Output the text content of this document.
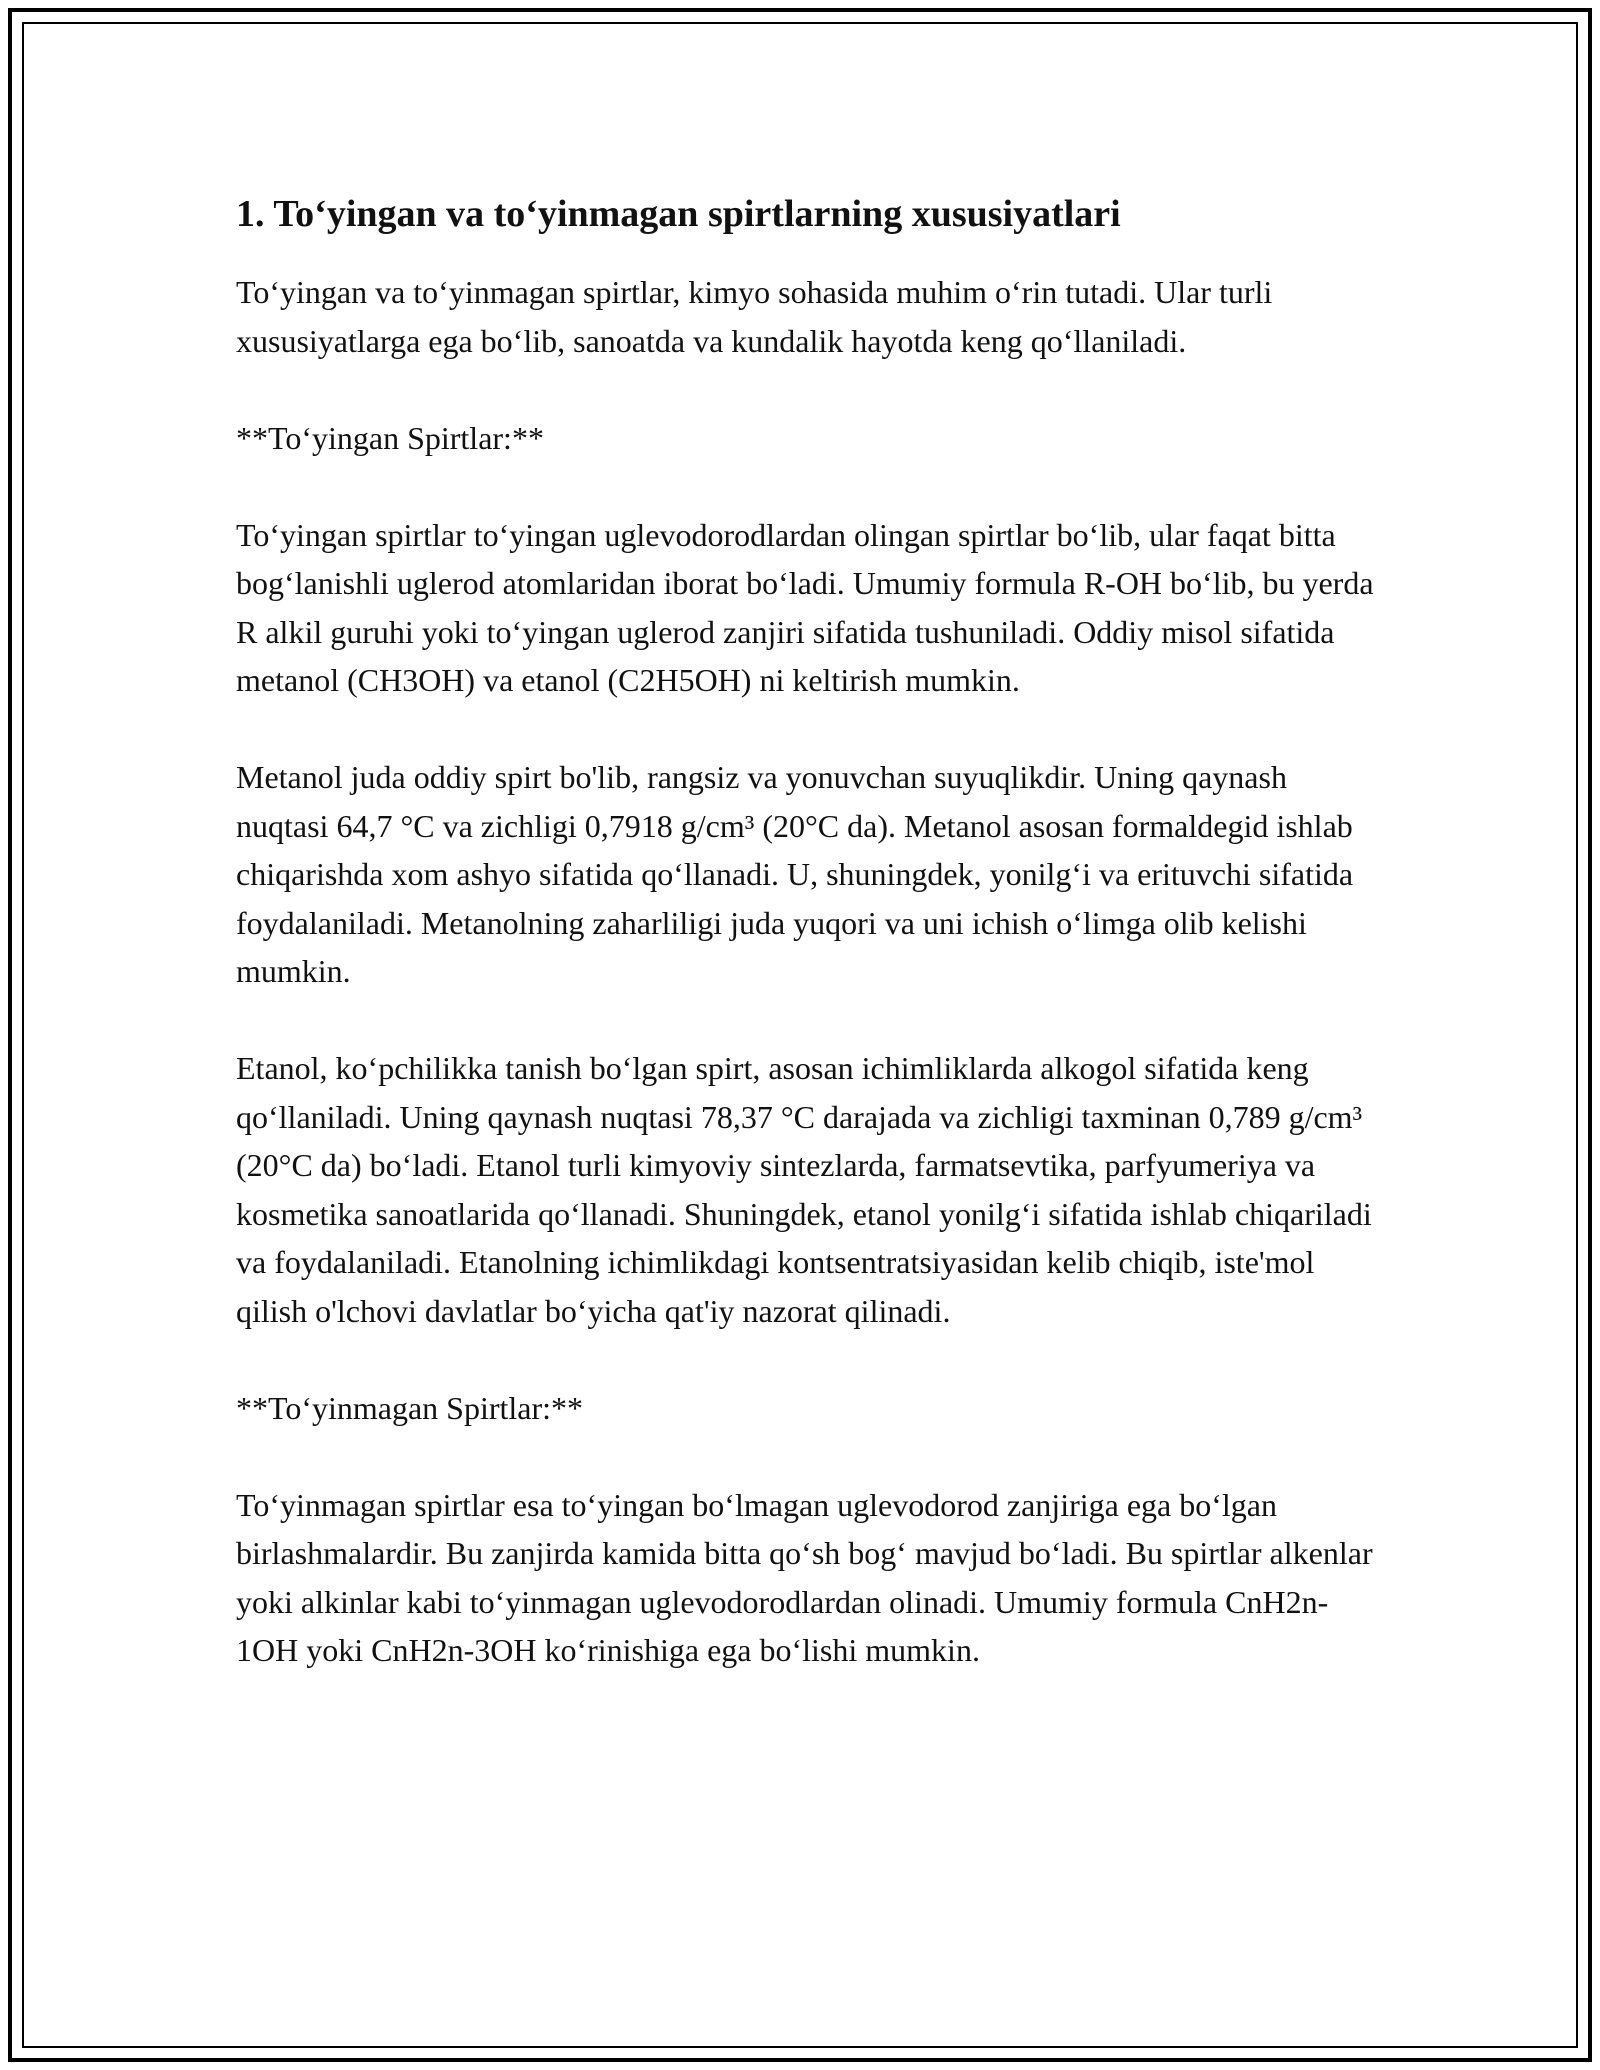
1. To‘yingan va to‘yinmagan spirtlarning xususiyatlari

To‘yingan va to‘yinmagan spirtlar, kimyo sohasida muhim o‘rin tutadi. Ular turli xususiyatlarga ega bo‘lib, sanoatda va kundalik hayotda keng qo‘llaniladi.

**To‘yingan Spirtlar:**

To‘yingan spirtlar to‘yingan uglevodorodlardan olingan spirtlar bo‘lib, ular faqat bitta bog‘lanishli uglerod atomlaridan iborat bo‘ladi. Umumiy formula R-OH bo‘lib, bu yerda R alkil guruhi yoki to‘yingan uglerod zanjiri sifatida tushuniladi. Oddiy misol sifatida metanol (CH3OH) va etanol (C2H5OH) ni keltirish mumkin.

Metanol juda oddiy spirt bo'lib, rangsiz va yonuvchan suyuqlikdir. Uning qaynash nuqtasi 64,7 °C va zichligi 0,7918 g/cm³ (20°C da). Metanol asosan formaldegid ishlab chiqarishda xom ashyo sifatida qo‘llanadi. U, shuningdek, yonilg‘i va erituvchi sifatida foydalaniladi. Metanolning zaharliligi juda yuqori va uni ichish o‘limga olib kelishi mumkin.

Etanol, ko‘pchilikka tanish bo‘lgan spirt, asosan ichimliklarda alkogol sifatida keng qo‘llaniladi. Uning qaynash nuqtasi 78,37 °C darajada va zichligi taxminan 0,789 g/cm³ (20°C da) bo‘ladi. Etanol turli kimyoviy sintezlarda, farmatsevtika, parfyumeriya va kosmetika sanoatlarida qo‘llanadi. Shuningdek, etanol yonilg‘i sifatida ishlab chiqariladi va foydalaniladi. Etanolning ichimlikdagi kontsentratsiyasidan kelib chiqib, iste'mol qilish o'lchovi davlatlar bo‘yicha qat'iy nazorat qilinadi.

**To‘yinmagan Spirtlar:**

To‘yinmagan spirtlar esa to‘yingan bo‘lmagan uglevodorod zanjiriga ega bo‘lgan birlashmalardir. Bu zanjirda kamida bitta qo‘sh bog‘ mavjud bo‘ladi. Bu spirtlar alkenlar yoki alkinlar kabi to‘yinmagan uglevodorodlardan olinadi. Umumiy formula CnH2n-1OH yoki CnH2n-3OH ko‘rinishiga ega bo‘lishi mumkin.
